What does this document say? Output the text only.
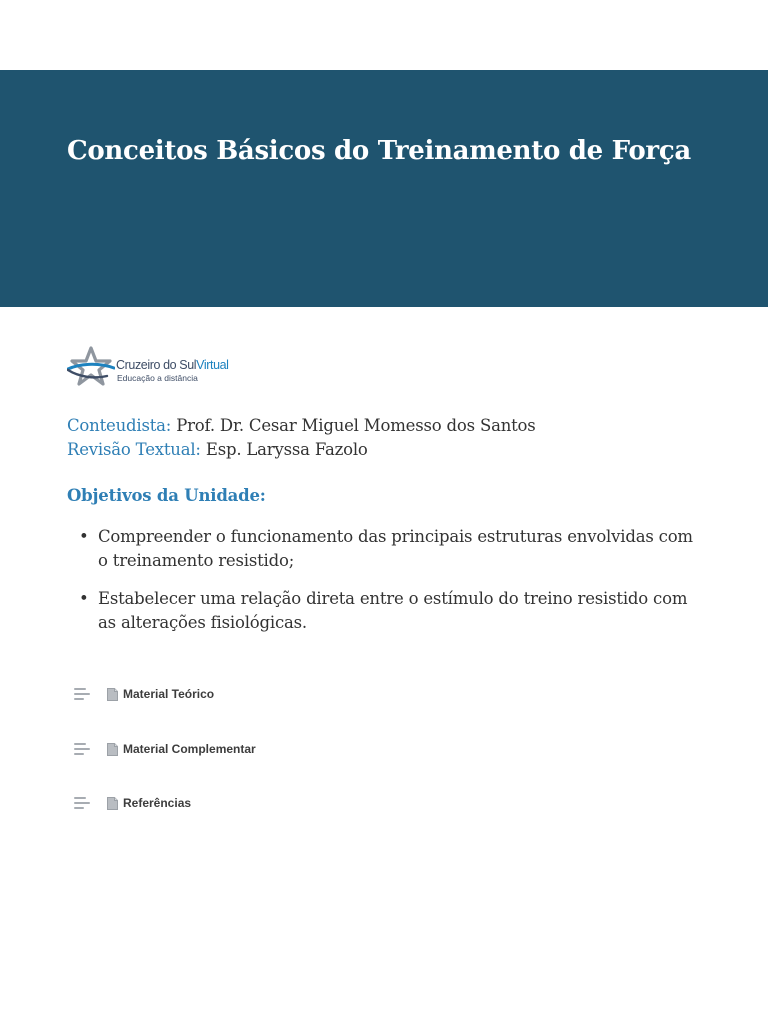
Conceitos Básicos do Treinamento de Força
Cruzeiro do SulVirtual
Educação a distância
Conteudista: Prof. Dr. Cesar Miguel Momesso dos Santos
Revisão Textual: Esp. Laryssa Fazolo
Objetivos da Unidade:
• Compreender o funcionamento das principais estruturas envolvidas com o treinamento resistido;
• Estabelecer uma relação direta entre o estímulo do treino resistido com as alterações fisiológicas.
Material Teórico
Material Complementar
Referências
